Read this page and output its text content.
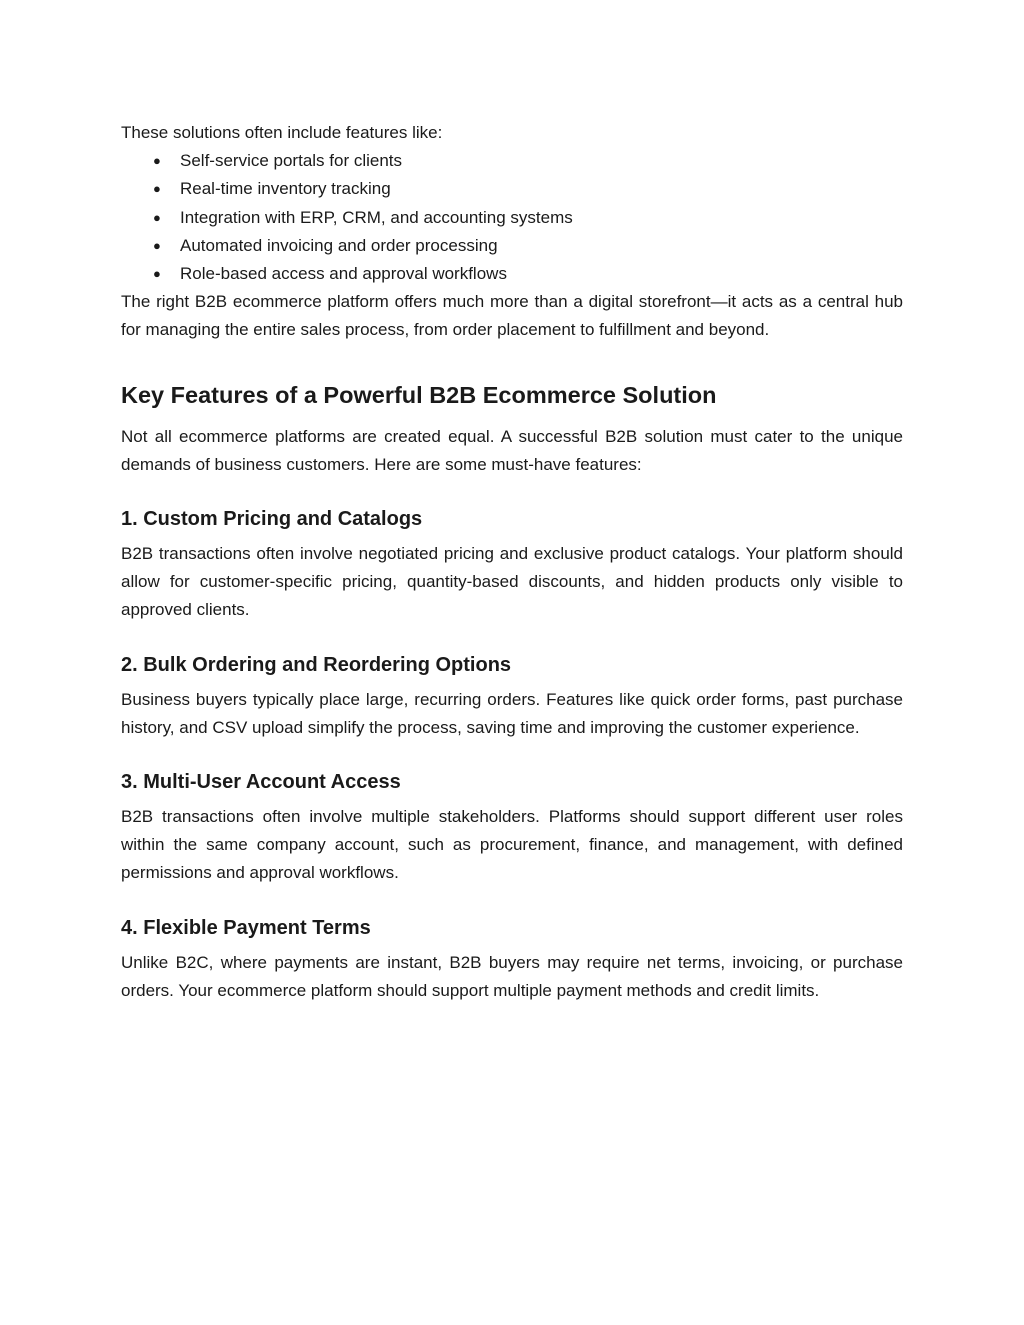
These solutions often include features like:

● Self-service portals for clients
● Real-time inventory tracking
● Integration with ERP, CRM, and accounting systems
● Automated invoicing and order processing
● Role-based access and approval workflows

The right B2B ecommerce platform offers much more than a digital storefront—it acts as a central hub for managing the entire sales process, from order placement to fulfillment and beyond.

Key Features of a Powerful B2B Ecommerce Solution

Not all ecommerce platforms are created equal. A successful B2B solution must cater to the unique demands of business customers. Here are some must-have features:

1. Custom Pricing and Catalogs

B2B transactions often involve negotiated pricing and exclusive product catalogs. Your platform should allow for customer-specific pricing, quantity-based discounts, and hidden products only visible to approved clients.

2. Bulk Ordering and Reordering Options

Business buyers typically place large, recurring orders. Features like quick order forms, past purchase history, and CSV upload simplify the process, saving time and improving the customer experience.

3. Multi-User Account Access

B2B transactions often involve multiple stakeholders. Platforms should support different user roles within the same company account, such as procurement, finance, and management, with defined permissions and approval workflows.

4. Flexible Payment Terms

Unlike B2C, where payments are instant, B2B buyers may require net terms, invoicing, or purchase orders. Your ecommerce platform should support multiple payment methods and credit limits.
